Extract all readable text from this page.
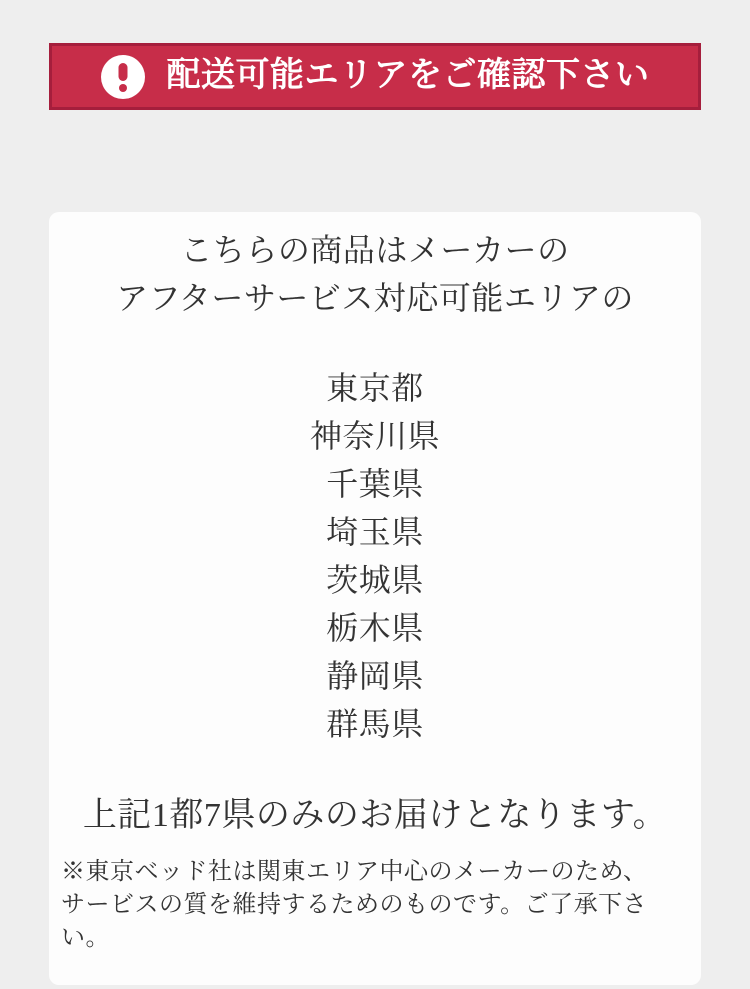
配送可能エリアをご確認下さい

こちらの商品はメーカーの

アフターサービス対応可能エリアの

東京都
神奈川県
千葉県
埼玉県
茨城県
栃木県
静岡県
群馬県

上記1都7県のみのお届けとなります。

※東京ベッド社は関東エリア中心のメーカーのため、

サービスの質を維持するためのものです。ご了承下さい。
